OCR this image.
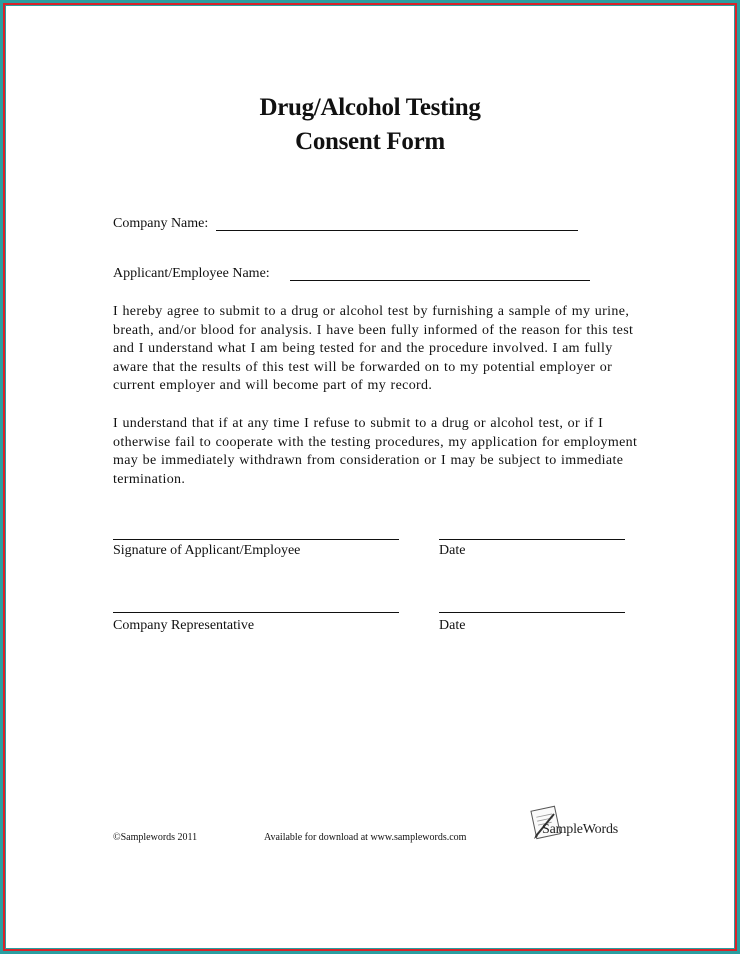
Drug/Alcohol Testing
Consent Form
Company Name:
Applicant/Employee Name:
I hereby agree to submit to a drug or alcohol test by furnishing a sample of my urine, breath, and/or blood for analysis. I have been fully informed of the reason for this test and I understand what I am being tested for and the procedure involved. I am fully aware that the results of this test will be forwarded on to my potential employer or current employer and will become part of my record.
I understand that if at any time I refuse to submit to a drug or alcohol test, or if I otherwise fail to cooperate with the testing procedures, my application for employment may be immediately withdrawn from consideration or I may be subject to immediate termination.
Signature of Applicant/Employee	Date
Company Representative	Date
©Samplewords 2011	Available for download at www.samplewords.com
SampleWords
